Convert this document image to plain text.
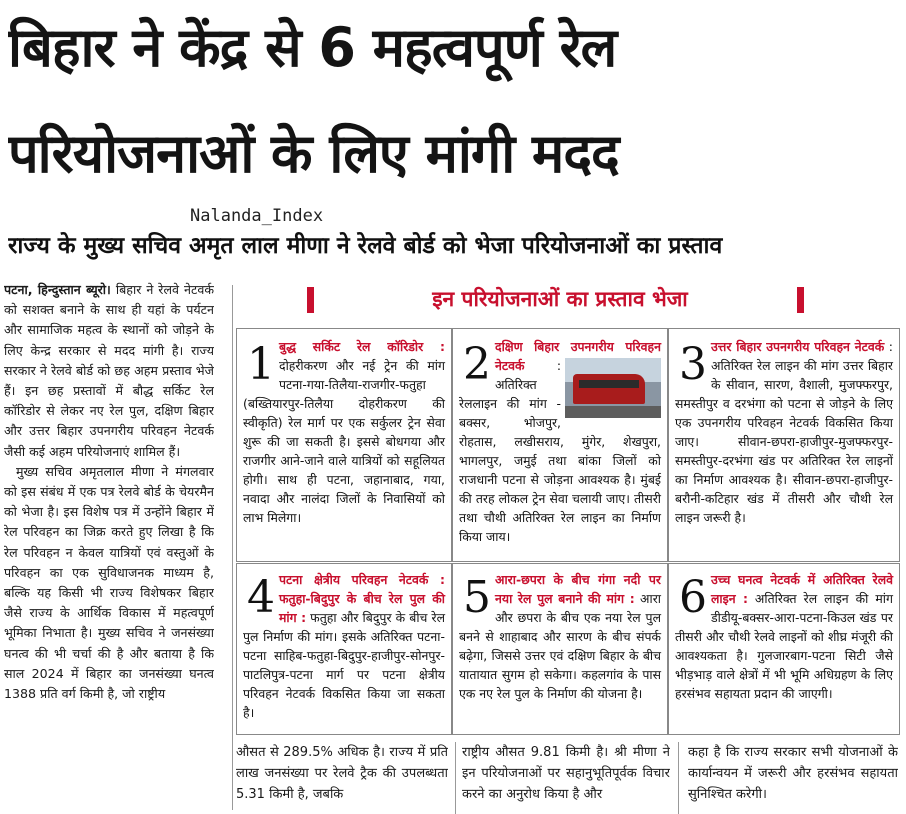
बिहार ने केंद्र से 6 महत्वपूर्ण रेल
परियोजनाओं के लिए मांगी मदद
Nalanda_Index
राज्य के मुख्य सचिव अमृत लाल मीणा ने रेलवे बोर्ड को भेजा परियोजनाओं का प्रस्ताव
पटना, हिन्दुस्तान ब्यूरो। बिहार ने रेलवे नेटवर्क को सशक्त बनाने के साथ ही यहां के पर्यटन और सामाजिक महत्व के स्थानों को जोड़ने के लिए केन्द्र सरकार से मदद मांगी है। राज्य सरकार ने रेलवे बोर्ड को छह अहम प्रस्ताव भेजे हैं। इन छह प्रस्तावों में बौद्ध सर्किट रेल कॉरिडोर से लेकर नए रेल पुल, दक्षिण बिहार और उत्तर बिहार उपनगरीय परिवहन नेटवर्क जैसी कई अहम परियोजनाएं शामिल हैं।
मुख्य सचिव अमृतलाल मीणा ने मंगलवार को इस संबंध में एक पत्र रेलवे बोर्ड के चेयरमैन को भेजा है। इस विशेष पत्र में उन्होंने बिहार में रेल परिवहन का जिक्र करते हुए लिखा है कि रेल परिवहन न केवल यात्रियों एवं वस्तुओं के परिवहन का एक सुविधाजनक माध्यम है, बल्कि यह किसी भी राज्य विशेषकर बिहार जैसे राज्य के आर्थिक विकास में महत्वपूर्ण भूमिका निभाता है। मुख्य सचिव ने जनसंख्या घनत्व की भी चर्चा की है और बताया है कि साल 2024 में बिहार का जनसंख्या घनत्व 1388 प्रति वर्ग किमी है, जो राष्ट्रीय
इन परियोजनाओं का प्रस्ताव भेजा
1 बुद्ध सर्किट रेल कॉरिडोर : दोहरीकरण और नई ट्रेन की मांग पटना-गया-तिलैया-राजगीर-फतुहा (बख्तियारपुर-तिलैया दोहरीकरण की स्वीकृति) रेल मार्ग पर एक सर्कुलर ट्रेन सेवा शुरू की जा सकती है। इससे बोधगया और राजगीर आने-जाने वाले यात्रियों को सहूलियत होगी। साथ ही पटना, जहानाबाद, गया, नवादा और नालंदा जिलों के निवासियों को लाभ मिलेगा।
2 दक्षिण बिहार उपनगरीय परिवहन नेटवर्क	: अतिरिक्त रेललाइन की मांग - बक्सर, भोजपुर, रोहतास, लखीसराय, मुंगेर, शेखपुरा, भागलपुर, जमुई तथा बांका जिलों को राजधानी पटना से जोड़ना आवश्यक है। मुंबई की तरह लोकल ट्रेन सेवा चलायी जाए। तीसरी तथा चौथी अतिरिक्त रेल लाइन का निर्माण किया जाय।
3 उत्तर बिहार उपनगरीय परिवहन नेटवर्क : अतिरिक्त रेल लाइन की मांग उत्तर बिहार के सीवान, सारण, वैशाली, मुजफ्फरपुर, समस्तीपुर व दरभंगा को पटना से जोड़ने के लिए एक उपनगरीय परिवहन नेटवर्क विकसित किया जाए। सीवान-छपरा-हाजीपुर-मुजफ्फरपुर-समस्तीपुर-दरभंगा खंड पर अतिरिक्त रेल लाइनों का निर्माण आवश्यक है। सीवान-छपरा-हाजीपुर-बरौनी-कटिहार खंड में तीसरी और चौथी रेल लाइन जरूरी है।
4 पटना क्षेत्रीय परिवहन नेटवर्क : फतुहा-बिदुपुर के बीच रेल पुल की मांग : फतुहा और बिदुपुर के बीच रेल पुल निर्माण की मांग। इसके अतिरिक्त पटना-पटना साहिब-फतुहा-बिदुपुर-हाजीपुर-सोनपुर-पाटलिपुत्र-पटना मार्ग पर पटना क्षेत्रीय परिवहन नेटवर्क विकसित किया जा सकता है।
5 आरा-छपरा के बीच गंगा नदी पर नया रेल पुल बनाने की मांग : आरा और छपरा के बीच एक नया रेल पुल बनने से शाहाबाद और सारण के बीच संपर्क बढ़ेगा, जिससे उत्तर एवं दक्षिण बिहार के बीच यातायात सुगम हो सकेगा। कहलगांव के पास एक नए रेल पुल के निर्माण की योजना है।
6 उच्च घनत्व नेटवर्क में अतिरिक्त रेलवे लाइन : अतिरिक्त रेल लाइन की मांग डीडीयू-बक्सर-आरा-पटना-किउल खंड पर तीसरी और चौथी रेलवे लाइनों को शीघ्र मंजूरी की आवश्यकता है। गुलजारबाग-पटना सिटी जैसे भीड़भाड़ वाले क्षेत्रों में भी भूमि अधिग्रहण के लिए हरसंभव सहायता प्रदान की जाएगी।
औसत से 289.5% अधिक है। राज्य में प्रति लाख जनसंख्या पर रेलवे ट्रैक की उपलब्धता 5.31 किमी है, जबकि
राष्ट्रीय औसत 9.81 किमी है। श्री मीणा ने इन परियोजनाओं पर सहानुभूतिपूर्वक विचार करने का अनुरोध किया है और
कहा है कि राज्य सरकार सभी योजनाओं के कार्यान्वयन में जरूरी और हरसंभव सहायता सुनिश्चित करेगी।
